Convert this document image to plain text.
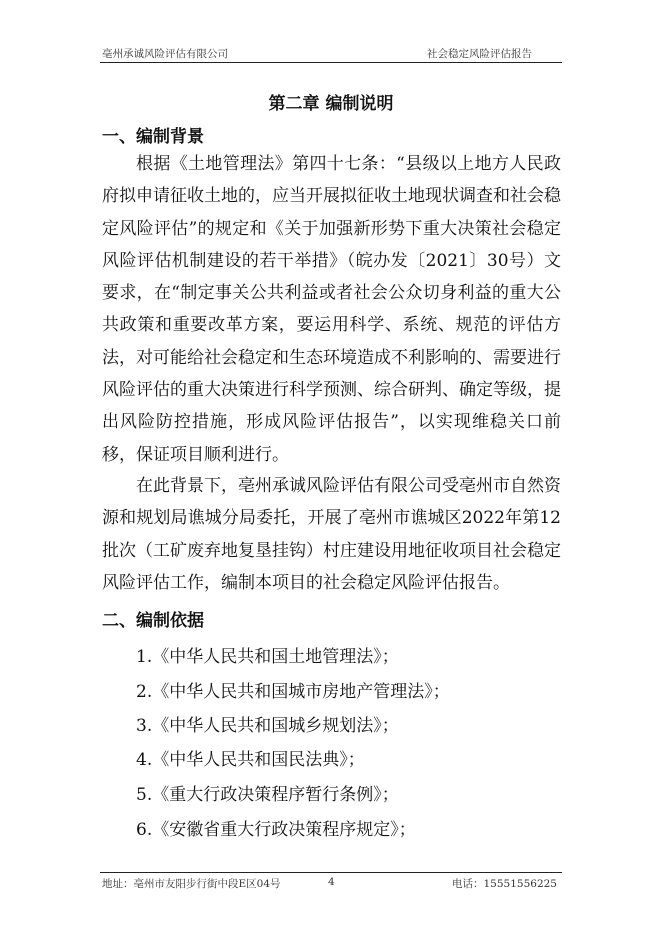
亳州承诚风险评估有限公司	社会稳定风险评估报告
第二章 编制说明
一、编制背景

根据《土地管理法》第四十七条：“县级以上地方人民政府拟申请征收土地的，应当开展拟征收土地现状调查和社会稳定风险评估”的规定和《关于加强新形势下重大决策社会稳定风险评估机制建设的若干举措》（皖办发〔2021〕30号）文要求，在“制定事关公共利益或者社会公众切身利益的重大公共政策和重要改革方案，要运用科学、系统、规范的评估方法，对可能给社会稳定和生态环境造成不利影响的、需要进行风险评估的重大决策进行科学预测、综合研判、确定等级，提出风险防控措施，形成风险评估报告”，以实现维稳关口前移，保证项目顺利进行。

在此背景下，亳州承诚风险评估有限公司受亳州市自然资源和规划局谯城分局委托，开展了亳州市谯城区2022年第12批次（工矿废弃地复垦挂钩）村庄建设用地征收项目社会稳定风险评估工作，编制本项目的社会稳定风险评估报告。

二、编制依据
1.《中华人民共和国土地管理法》；
2.《中华人民共和国城市房地产管理法》；
3.《中华人民共和国城乡规划法》；
4.《中华人民共和国民法典》；
5.《重大行政决策程序暂行条例》；
6.《安徽省重大行政决策程序规定》；
地址：亳州市友阳步行街中段E区04号	4	电话：15551556225
